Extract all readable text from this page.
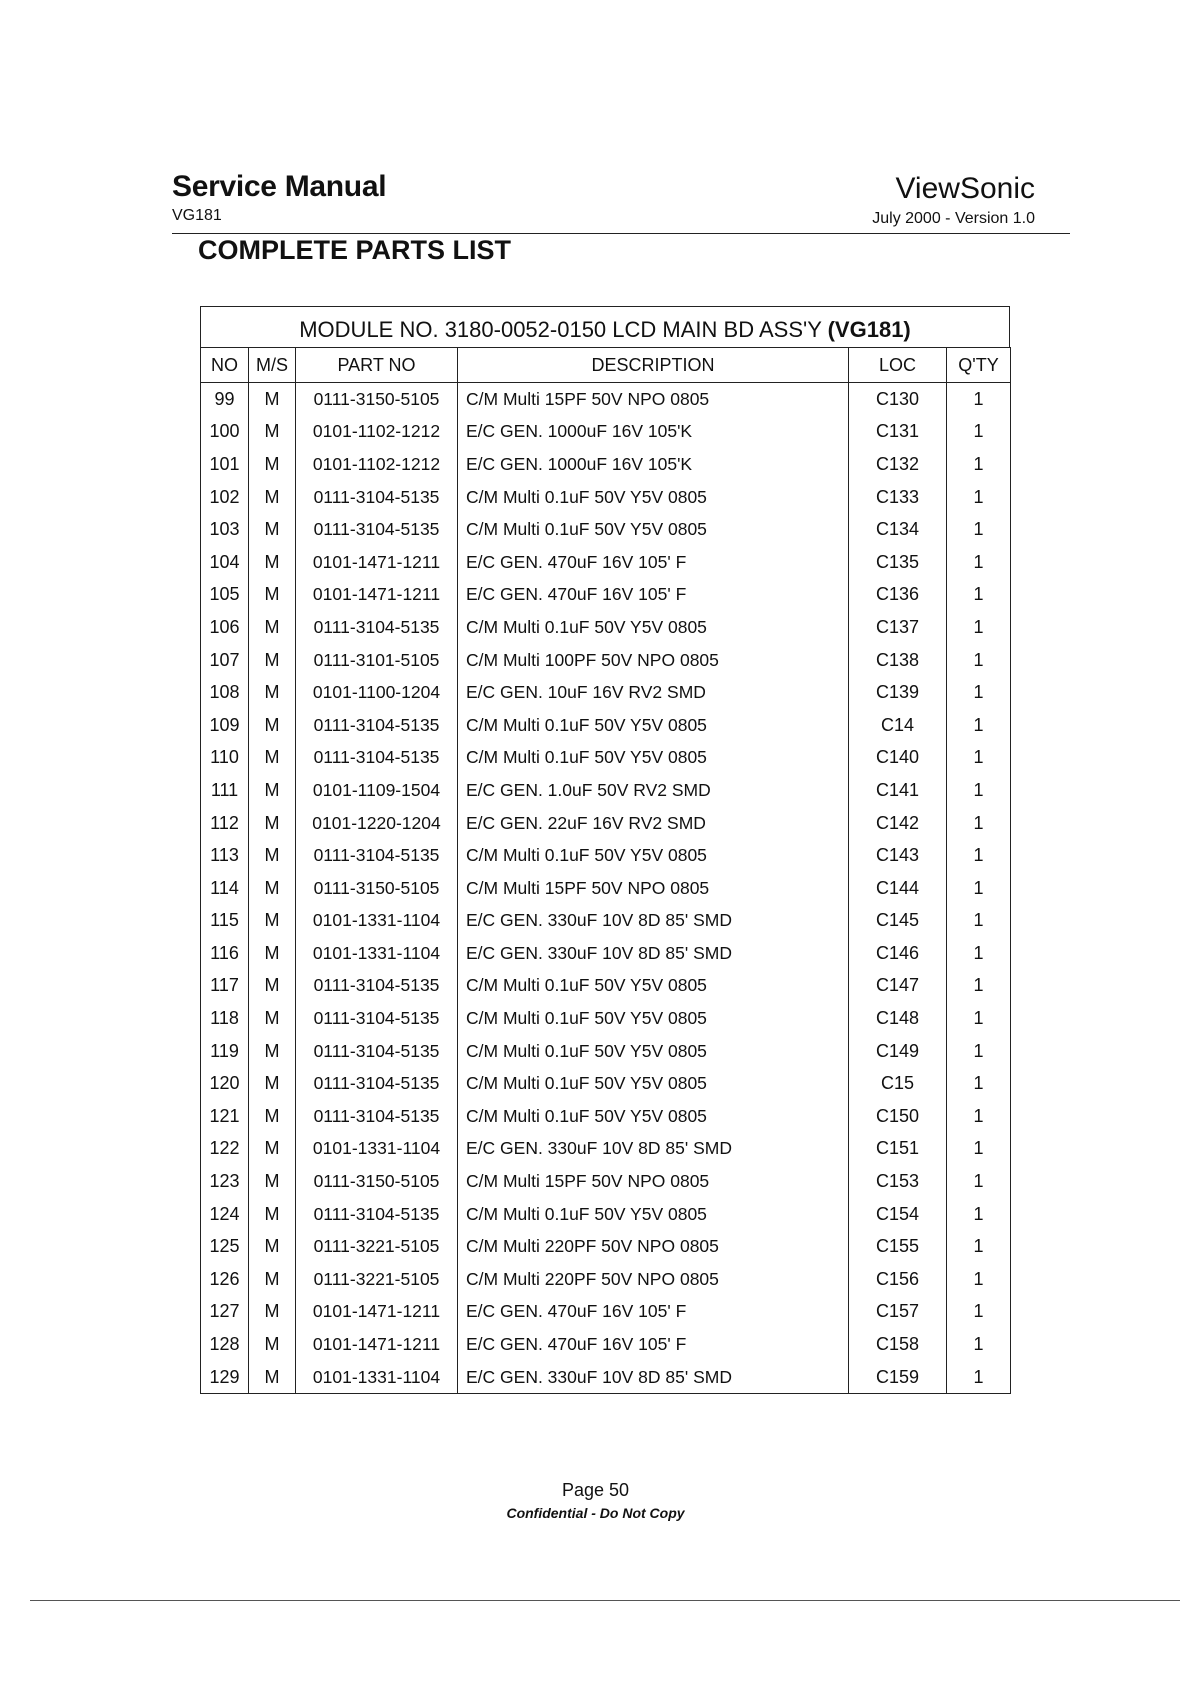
Service Manual
VG181
ViewSonic
July 2000 - Version 1.0
COMPLETE PARTS LIST
MODULE NO. 3180-0052-0150 LCD MAIN BD ASS'Y (VG181)
NO	M/S	PART NO	DESCRIPTION	LOC	Q'TY
99	M	0111-3150-5105	C/M Multi 15PF 50V NPO 0805	C130	1
100	M	0101-1102-1212	E/C GEN. 1000uF 16V 105'K	C131	1
101	M	0101-1102-1212	E/C GEN. 1000uF 16V 105'K	C132	1
102	M	0111-3104-5135	C/M Multi 0.1uF 50V Y5V 0805	C133	1
103	M	0111-3104-5135	C/M Multi 0.1uF 50V Y5V 0805	C134	1
104	M	0101-1471-1211	E/C GEN. 470uF 16V 105' F	C135	1
105	M	0101-1471-1211	E/C GEN. 470uF 16V 105' F	C136	1
106	M	0111-3104-5135	C/M Multi 0.1uF 50V Y5V 0805	C137	1
107	M	0111-3101-5105	C/M Multi 100PF 50V NPO 0805	C138	1
108	M	0101-1100-1204	E/C GEN. 10uF 16V RV2 SMD	C139	1
109	M	0111-3104-5135	C/M Multi 0.1uF 50V Y5V 0805	C14	1
110	M	0111-3104-5135	C/M Multi 0.1uF 50V Y5V 0805	C140	1
111	M	0101-1109-1504	E/C GEN. 1.0uF 50V RV2 SMD	C141	1
112	M	0101-1220-1204	E/C GEN. 22uF 16V RV2 SMD	C142	1
113	M	0111-3104-5135	C/M Multi 0.1uF 50V Y5V 0805	C143	1
114	M	0111-3150-5105	C/M Multi 15PF 50V NPO 0805	C144	1
115	M	0101-1331-1104	E/C GEN. 330uF 10V 8D 85' SMD	C145	1
116	M	0101-1331-1104	E/C GEN. 330uF 10V 8D 85' SMD	C146	1
117	M	0111-3104-5135	C/M Multi 0.1uF 50V Y5V 0805	C147	1
118	M	0111-3104-5135	C/M Multi 0.1uF 50V Y5V 0805	C148	1
119	M	0111-3104-5135	C/M Multi 0.1uF 50V Y5V 0805	C149	1
120	M	0111-3104-5135	C/M Multi 0.1uF 50V Y5V 0805	C15	1
121	M	0111-3104-5135	C/M Multi 0.1uF 50V Y5V 0805	C150	1
122	M	0101-1331-1104	E/C GEN. 330uF 10V 8D 85' SMD	C151	1
123	M	0111-3150-5105	C/M Multi 15PF 50V NPO 0805	C153	1
124	M	0111-3104-5135	C/M Multi 0.1uF 50V Y5V 0805	C154	1
125	M	0111-3221-5105	C/M Multi 220PF 50V NPO 0805	C155	1
126	M	0111-3221-5105	C/M Multi 220PF 50V NPO 0805	C156	1
127	M	0101-1471-1211	E/C GEN. 470uF 16V 105' F	C157	1
128	M	0101-1471-1211	E/C GEN. 470uF 16V 105' F	C158	1
129	M	0101-1331-1104	E/C GEN. 330uF 10V 8D 85' SMD	C159	1
Page 50
Confidential - Do Not Copy
